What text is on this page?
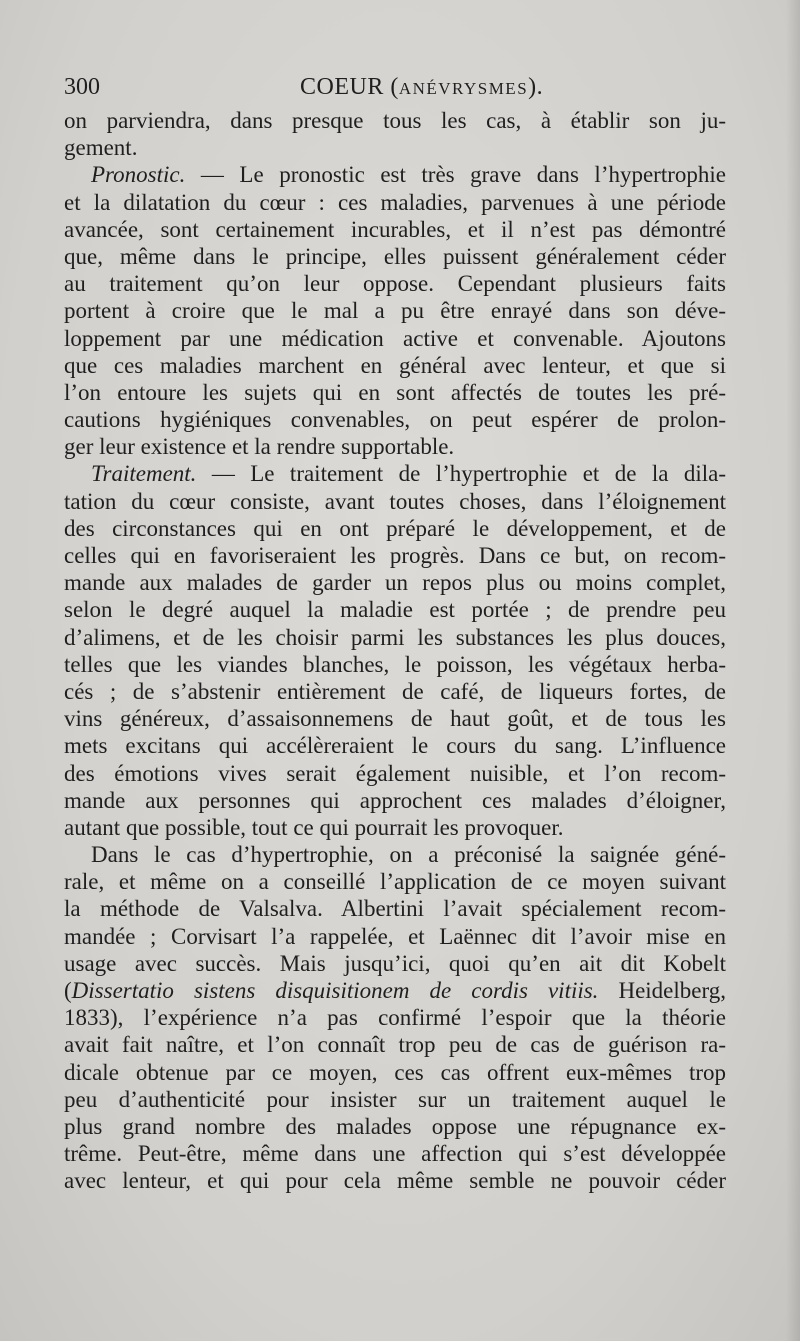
300	COEUR (ANÉVRYSMES).
on parviendra, dans presque tous les cas, à établir son ju-
gement.
Pronostic. — Le pronostic est très grave dans l’hypertrophie
et la dilatation du cœur : ces maladies, parvenues à une période
avancée, sont certainement incurables, et il n’est pas démontré
que, même dans le principe, elles puissent généralement céder
au traitement qu’on leur oppose. Cependant plusieurs faits
portent à croire que le mal a pu être enrayé dans son déve-
loppement par une médication active et convenable. Ajoutons
que ces maladies marchent en général avec lenteur, et que si
l’on entoure les sujets qui en sont affectés de toutes les pré-
cautions hygiéniques convenables, on peut espérer de prolon-
ger leur existence et la rendre supportable.
Traitement. — Le traitement de l’hypertrophie et de la dila-
tation du cœur consiste, avant toutes choses, dans l’éloignement
des circonstances qui en ont préparé le développement, et de
celles qui en favoriseraient les progrès. Dans ce but, on recom-
mande aux malades de garder un repos plus ou moins complet,
selon le degré auquel la maladie est portée ; de prendre peu
d’alimens, et de les choisir parmi les substances les plus douces,
telles que les viandes blanches, le poisson, les végétaux herba-
cés ; de s’abstenir entièrement de café, de liqueurs fortes, de
vins généreux, d’assaisonnemens de haut goût, et de tous les
mets excitans qui accélèreraient le cours du sang. L’influence
des émotions vives serait également nuisible, et l’on recom-
mande aux personnes qui approchent ces malades d’éloigner,
autant que possible, tout ce qui pourrait les provoquer.
Dans le cas d’hypertrophie, on a préconisé la saignée géné-
rale, et même on a conseillé l’application de ce moyen suivant
la méthode de Valsalva. Albertini l’avait spécialement recom-
mandée ; Corvisart l’a rappelée, et Laënnec dit l’avoir mise en
usage avec succès. Mais jusqu’ici, quoi qu’en ait dit Kobelt
(Dissertatio sistens disquisitionem de cordis vitiis. Heidelberg,
1833), l’expérience n’a pas confirmé l’espoir que la théorie
avait fait naître, et l’on connaît trop peu de cas de guérison ra-
dicale obtenue par ce moyen, ces cas offrent eux-mêmes trop
peu d’authenticité pour insister sur un traitement auquel le
plus grand nombre des malades oppose une répugnance ex-
trême. Peut-être, même dans une affection qui s’est développée
avec lenteur, et qui pour cela même semble ne pouvoir céder
